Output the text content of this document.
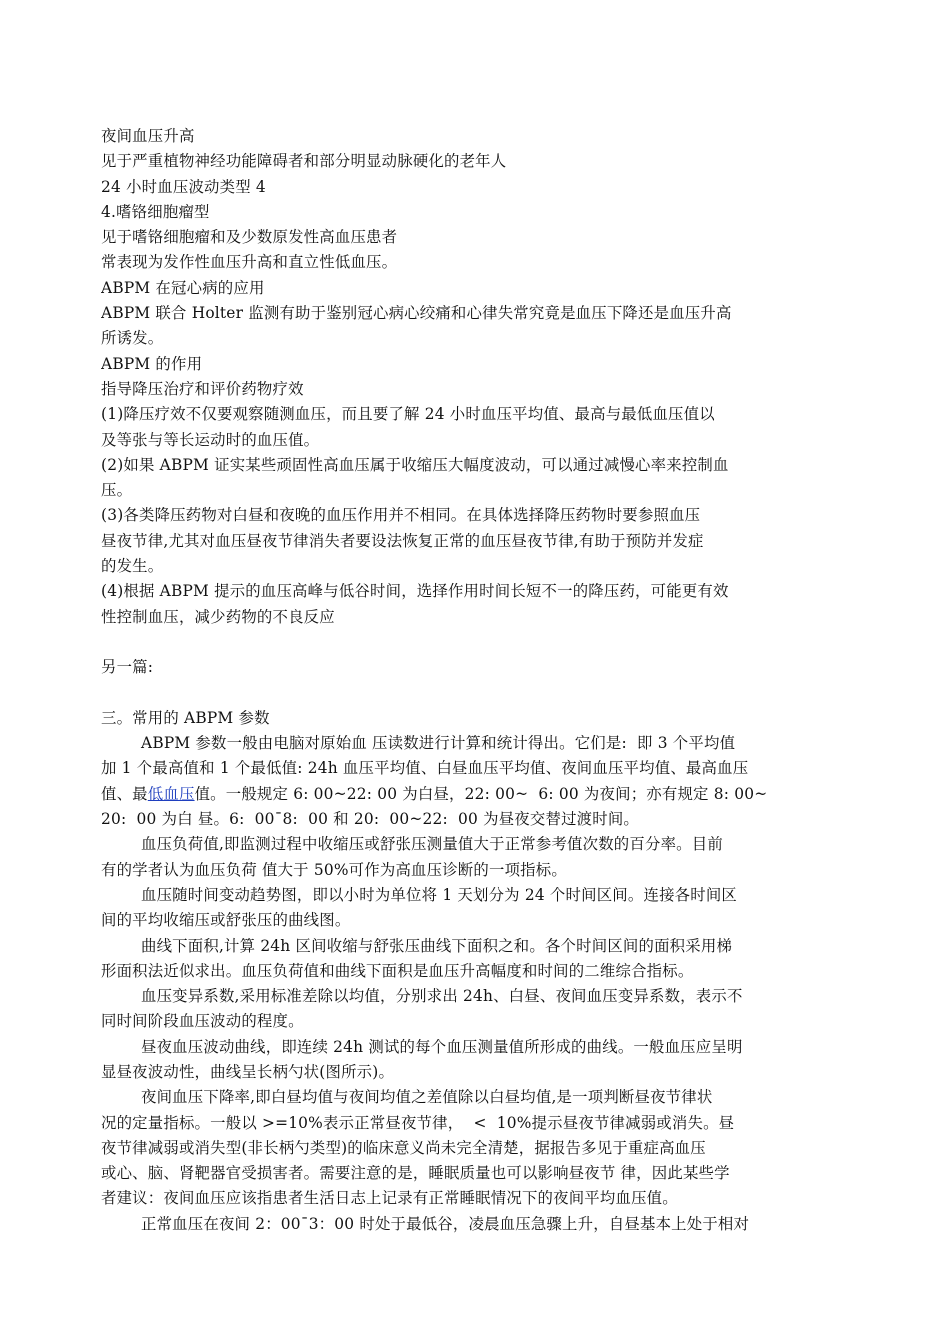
夜间血压升高
见于严重植物神经功能障碍者和部分明显动脉硬化的老年人
24 小时血压波动类型 4
4.嗜铬细胞瘤型
见于嗜铬细胞瘤和及少数原发性高血压患者
常表现为发作性血压升高和直立性低血压。
ABPM 在冠心病的应用
ABPM 联合 Holter 监测有助于鉴别冠心病心绞痛和心律失常究竟是血压下降还是血压升高
所诱发。
ABPM 的作用
指导降压治疗和评价药物疗效
(1)降压疗效不仅要观察随测血压，而且要了解 24 小时血压平均值、最高与最低血压值以
及等张与等长运动时的血压值。
(2)如果 ABPM 证实某些顽固性高血压属于收缩压大幅度波动，可以通过减慢心率来控制血
压。
(3)各类降压药物对白昼和夜晚的血压作用并不相同。在具体选择降压药物时要参照血压
昼夜节律,尤其对血压昼夜节律消失者要设法恢复正常的血压昼夜节律,有助于预防并发症
的发生。
(4)根据 ABPM 提示的血压高峰与低谷时间，选择作用时间长短不一的降压药，可能更有效
性控制血压，减少药物的不良反应
另一篇:
三。常用的 ABPM 参数
ABPM 参数一般由电脑对原始血 压读数进行计算和统计得出。它们是:  即 3 个平均值
加 1 个最高值和 1 个最低值: 24h 血压平均值、白昼血压平均值、夜间血压平均值、最高血压
值、最低血压值。一般规定 6: 00~22: 00 为白昼，22: 00~  6: 00 为夜间；亦有规定 8: 00~
20:  00 为白 昼。6:  00¯8:  00 和 20:  00~22:  00 为昼夜交替过渡时间。
血压负荷值,即监测过程中收缩压或舒张压测量值大于正常参考值次数的百分率。目前
有的学者认为血压负荷 值大于 50%可作为高血压诊断的一项指标。
血压随时间变动趋势图，即以小时为单位将 1 天划分为 24 个时间区间。连接各时间区
间的平均收缩压或舒张压的曲线图。
曲线下面积,计算 24h 区间收缩与舒张压曲线下面积之和。各个时间区间的面积采用梯
形面积法近似求出。血压负荷值和曲线下面积是血压升高幅度和时间的二维综合指标。
血压变异系数,采用标准差除以均值，分别求出 24h、白昼、夜间血压变异系数，表示不
同时间阶段血压波动的程度。
昼夜血压波动曲线，即连续 24h 测试的每个血压测量值所形成的曲线。一般血压应呈明
显昼夜波动性，曲线呈长柄勺状(图所示)。
夜间血压下降率,即白昼均值与夜间均值之差值除以白昼均值,是一项判断昼夜节律状
况的定量指标。一般以 >=10%表示正常昼夜节律，  <  10%提示昼夜节律减弱或消失。昼
夜节律减弱或消失型(非长柄勺类型)的临床意义尚未完全清楚，据报告多见于重症高血压
或心、脑、肾靶器官受损害者。需要注意的是，睡眠质量也可以影响昼夜节 律，因此某些学
者建议：夜间血压应该指患者生活日志上记录有正常睡眠情况下的夜间平均血压值。
正常血压在夜间 2：00¯3：00 时处于最低谷，凌晨血压急骤上升，自昼基本上处于相对
